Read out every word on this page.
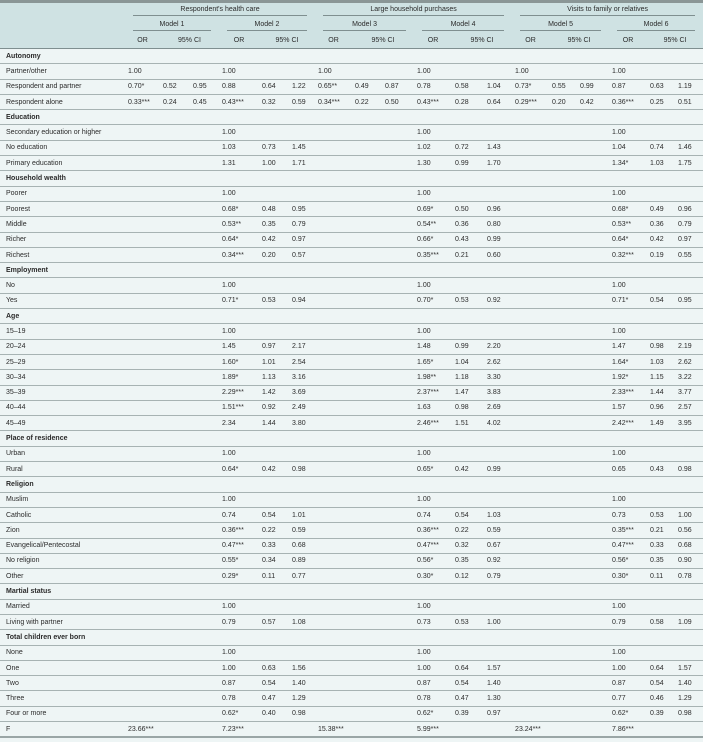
	Respondent's health care						Large household purchases						Visits to family or relatives					

	Model 1			Model 2			Model 3			Model 4			Model 5			Model 6		

	OR	95% CI		OR	95% CI		OR	95% CI		OR	95% CI		OR	95% CI		OR	95% CI	
Autonomy																		
Partner/other	1.00			1.00			1.00			1.00			1.00			1.00		
Respondent and partner	0.70*	0.52	0.95	0.88	0.64	1.22	0.65**	0.49	0.87	0.78	0.58	1.04	0.73*	0.55	0.99	0.87	0.63	1.19
Respondent alone	0.33***	0.24	0.45	0.43***	0.32	0.59	0.34***	0.22	0.50	0.43***	0.28	0.64	0.29***	0.20	0.42	0.36***	0.25	0.51
Education																		
Secondary education or higher				1.00						1.00						1.00		
No education				1.03	0.73	1.45				1.02	0.72	1.43				1.04	0.74	1.46
Primary education				1.31	1.00	1.71				1.30	0.99	1.70				1.34*	1.03	1.75
Household wealth																		
Poorer				1.00						1.00						1.00		
Poorest				0.68*	0.48	0.95				0.69*	0.50	0.96				0.68*	0.49	0.96
Middle				0.53**	0.35	0.79				0.54**	0.36	0.80				0.53**	0.36	0.79
Richer				0.64*	0.42	0.97				0.66*	0.43	0.99				0.64*	0.42	0.97
Richest				0.34***	0.20	0.57				0.35***	0.21	0.60				0.32***	0.19	0.55
Employment																		
No				1.00						1.00						1.00		
Yes				0.71*	0.53	0.94				0.70*	0.53	0.92				0.71*	0.54	0.95
Age																		
15–19				1.00						1.00						1.00		
20–24				1.45	0.97	2.17				1.48	0.99	2.20				1.47	0.98	2.19
25–29				1.60*	1.01	2.54				1.65*	1.04	2.62				1.64*	1.03	2.62
30–34				1.89*	1.13	3.16				1.98**	1.18	3.30				1.92*	1.15	3.22
35–39				2.29***	1.42	3.69				2.37***	1.47	3.83				2.33***	1.44	3.77
40–44				1.51***	0.92	2.49				1.63	0.98	2.69				1.57	0.96	2.57
45–49				2.34	1.44	3.80				2.46***	1.51	4.02				2.42***	1.49	3.95
Place of residence																		
Urban				1.00						1.00						1.00		
Rural				0.64*	0.42	0.98				0.65*	0.42	0.99				0.65	0.43	0.98
Religion																		
Muslim				1.00						1.00						1.00		
Catholic				0.74	0.54	1.01				0.74	0.54	1.03				0.73	0.53	1.00
Zion				0.36***	0.22	0.59				0.36***	0.22	0.59				0.35***	0.21	0.56
Evangelical/Pentecostal				0.47***	0.33	0.68				0.47***	0.32	0.67				0.47***	0.33	0.68
No religion				0.55*	0.34	0.89				0.56*	0.35	0.92				0.56*	0.35	0.90
Other				0.29*	0.11	0.77				0.30*	0.12	0.79				0.30*	0.11	0.78
Martial status																		
Married				1.00						1.00						1.00		
Living with partner				0.79	0.57	1.08				0.73	0.53	1.00				0.79	0.58	1.09
Total children ever born																		
None				1.00						1.00						1.00		
One				1.00	0.63	1.56				1.00	0.64	1.57				1.00	0.64	1.57
Two				0.87	0.54	1.40				0.87	0.54	1.40				0.87	0.54	1.40
Three				0.78	0.47	1.29				0.78	0.47	1.30				0.77	0.46	1.29
Four or more				0.62*	0.40	0.98				0.62*	0.39	0.97				0.62*	0.39	0.98
F	23.66***			7.23***			15.38***			5.99***			23.24***			7.86***		
